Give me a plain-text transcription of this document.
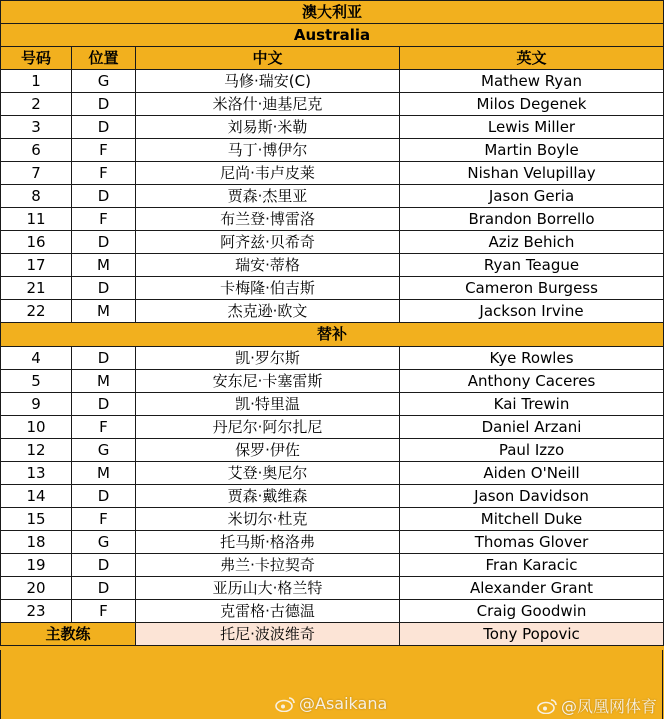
澳大利亚			
Australia			
号码	位置	中文	英文
1	G	马修·瑞安(C)	Mathew Ryan
2	D	米洛什·迪基尼克	Milos Degenek
3	D	刘易斯·米勒	Lewis Miller
6	F	马丁·博伊尔	Martin Boyle
7	F	尼尚·韦卢皮莱	Nishan Velupillay
8	D	贾森·杰里亚	Jason Geria
11	F	布兰登·博雷洛	Brandon Borrello
16	D	阿齐兹·贝希奇	Aziz Behich
17	M	瑞安·蒂格	Ryan Teague
21	D	卡梅隆·伯吉斯	Cameron Burgess
22	M	杰克逊·欧文	Jackson Irvine
替补			
4	D	凯·罗尔斯	Kye Rowles
5	M	安东尼·卡塞雷斯	Anthony Caceres
9	D	凯·特里温	Kai Trewin
10	F	丹尼尔·阿尔扎尼	Daniel Arzani
12	G	保罗·伊佐	Paul Izzo
13	M	艾登·奥尼尔	Aiden O'Neill
14	D	贾森·戴维森	Jason Davidson
15	F	米切尔·杜克	Mitchell Duke
18	G	托马斯·格洛弗	Thomas Glover
19	D	弗兰·卡拉契奇	Fran Karacic
20	D	亚历山大·格兰特	Alexander Grant
23	F	克雷格·古德温	Craig Goodwin
主教练		托尼·波波维奇	Tony Popovic
@Asaikana	@凤凰网体育
